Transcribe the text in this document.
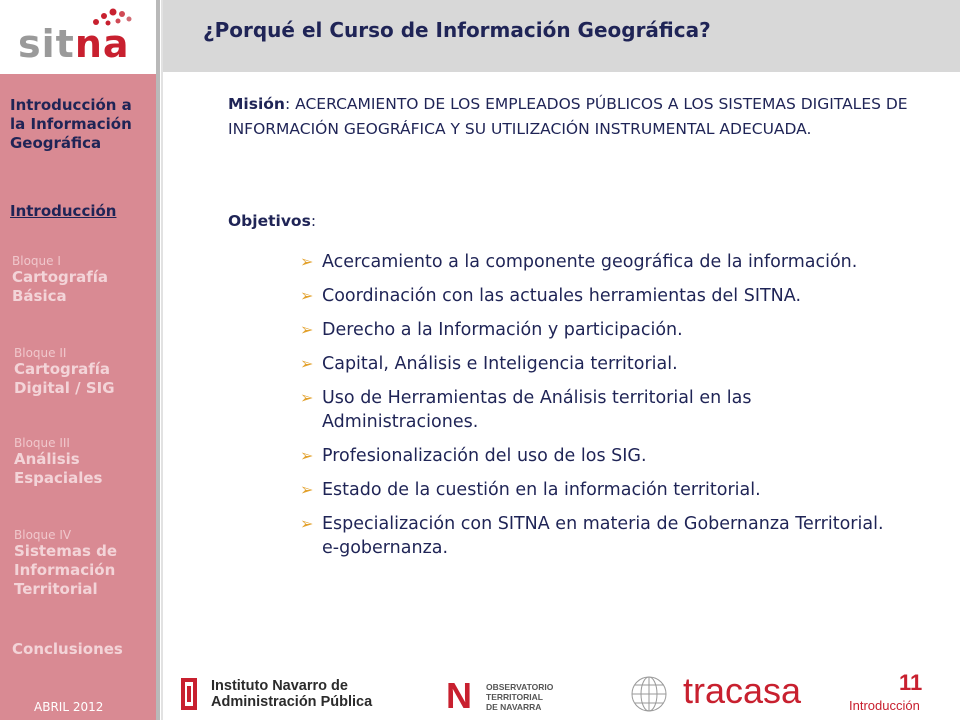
sitna
Introducción a la Información Geográfica
Introducción
Bloque I
Cartografía Básica
Bloque II
Cartografía Digital / SIG
Bloque III
Análisis Espaciales
Bloque IV
Sistemas de Información Territorial
Conclusiones
ABRIL 2012
¿Porqué el Curso de Información Geográfica?
Misión: ACERCAMIENTO DE LOS EMPLEADOS PÚBLICOS A LOS SISTEMAS DIGITALES DE INFORMACIÓN GEOGRÁFICA Y SU UTILIZACIÓN INSTRUMENTAL ADECUADA.
Objetivos:
➢ Acercamiento a la componente geográfica de la información.
➢ Coordinación con las actuales herramientas del SITNA.
➢ Derecho a la Información y participación.
➢ Capital, Análisis e Inteligencia territorial.
➢ Uso de Herramientas de Análisis territorial en las Administraciones.
➢ Profesionalización del uso de los SIG.
➢ Estado de la cuestión en la información territorial.
➢ Especialización con SITNA en materia de Gobernanza Territorial. e-gobernanza.
Instituto Navarro de
Administración Pública N OBSERVATORIO
TERRITORIAL
DE NAVARRA	tracasa	11
Introducción
